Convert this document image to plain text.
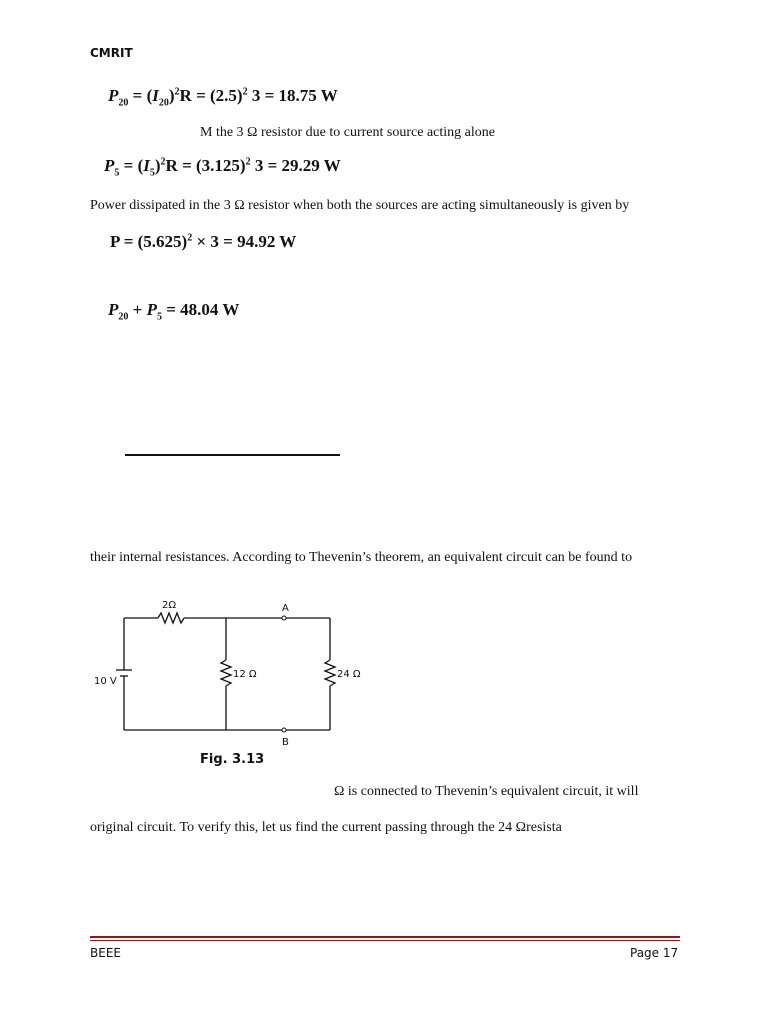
CMRIT
$P_{20} = (I_{20})^2R = (2.5)^2$ 3 = 18.75 W
M the 3 Ω resistor due to current source acting alone
$P_5 = (I_5)^2R = (3.125)^2$ 3 = 29.29 W
Power dissipated in the 3 Ω resistor when both the sources are acting simultaneously is given by
$P = (5.625)^2 \times 3 = 94.92$ W
$P_{20} + P_5 = 48.04$ W
their internal resistances. According to Thevenin’s theorem, an equivalent circuit can be found to
2Ω
12 Ω	24 Ω
10 V
A
B
Fig. 3.13
Ω is connected to Thevenin’s equivalent circuit, it will
original circuit. To verify this, let us find the current passing through the 24 Ωresista
BEEE	Page 17
